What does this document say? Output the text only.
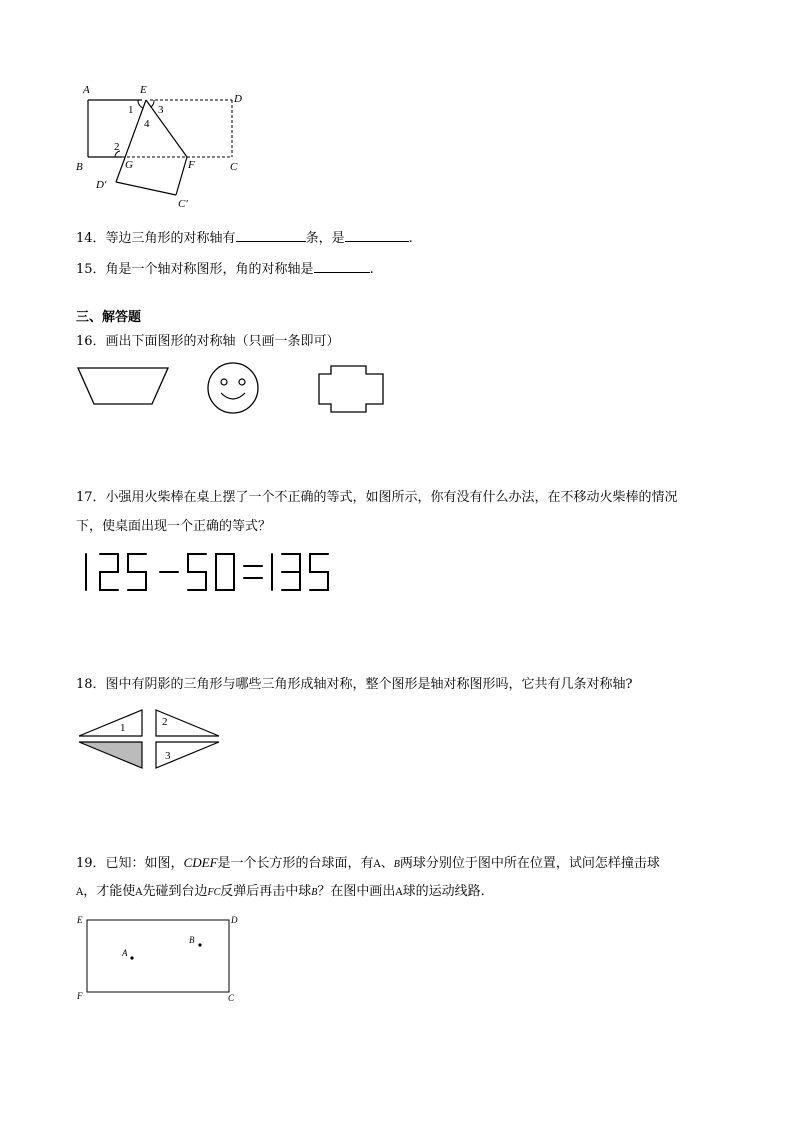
A	E
D
B	G	F	C
D′
C′
1 3
4
2
14．等边三角形的对称轴有	条，是	.
15．角是一个轴对称图形，角的对称轴是	.
三、解答题
16．画出下面图形的对称轴（只画一条即可）
17．小强用火柴棒在桌上摆了一个不正确的等式，如图所示，你有没有什么办法，在不移动火柴棒的情况
下，使桌面出现一个正确的等式？
18．图中有阴影的三角形与哪些三角形成轴对称，整个图形是轴对称图形吗，它共有几条对称轴?
1	2
3
19．已知：如图，CDEF是一个长方形的台球面，有A、B两球分别位于图中所在位置，试问怎样撞击球
A，才能使A先碰到台边FC反弹后再击中球B？在图中画出A球的运动线路．
E	D
F	C
A
B
